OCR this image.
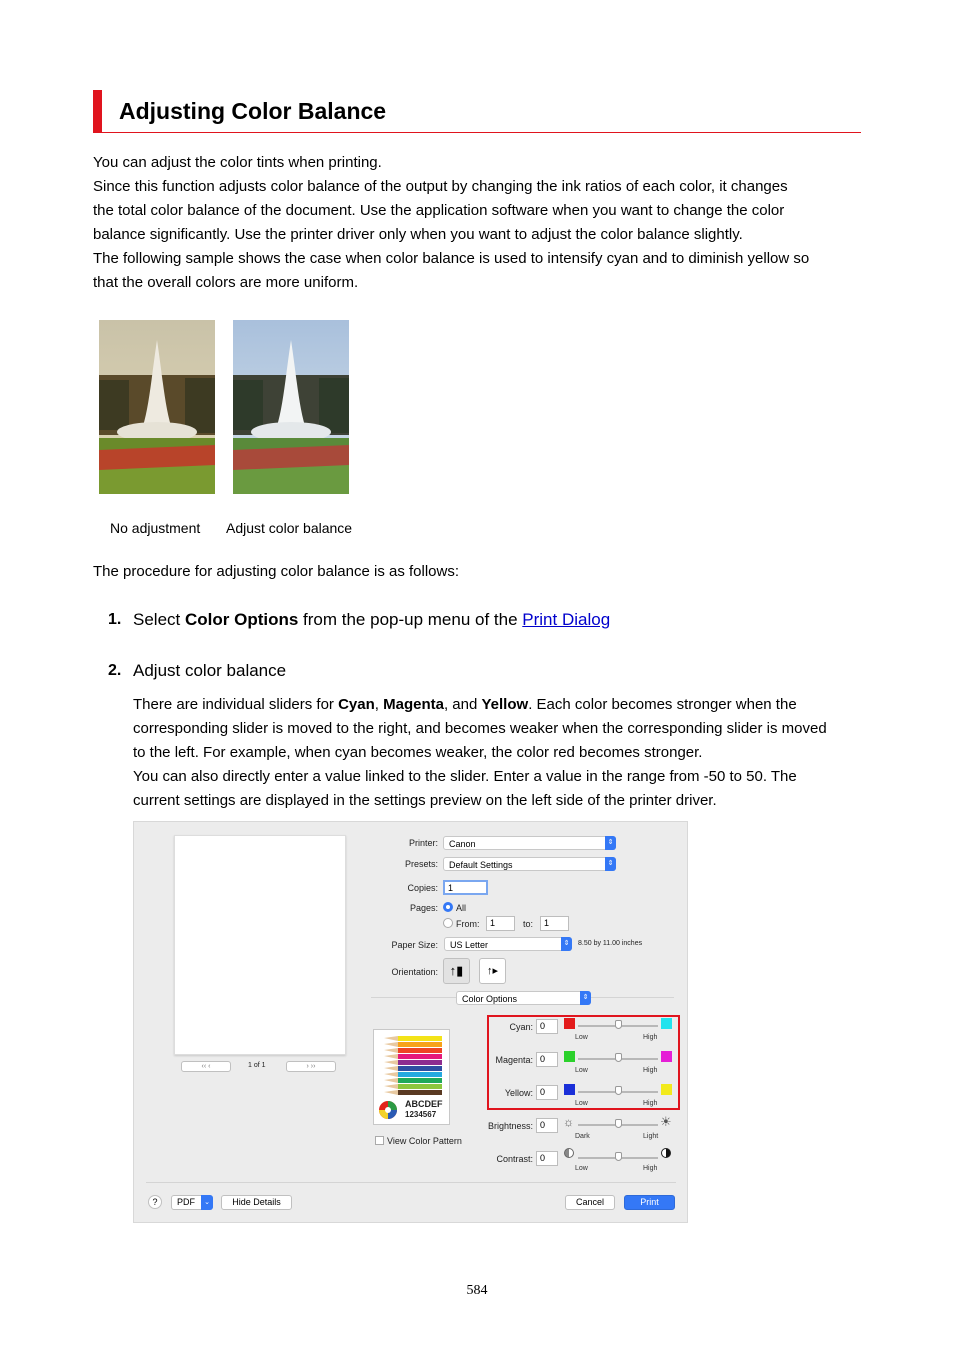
Adjusting Color Balance
You can adjust the color tints when printing.
Since this function adjusts color balance of the output by changing the ink ratios of each color, it changes
the total color balance of the document. Use the application software when you want to change the color
balance significantly. Use the printer driver only when you want to adjust the color balance slightly.
The following sample shows the case when color balance is used to intensify cyan and to diminish yellow so
that the overall colors are more uniform.
No adjustment Adjust color balance
The procedure for adjusting color balance is as follows:
1. Select Color Options from the pop-up menu of the Print Dialog
2. Adjust color balance
There are individual sliders for Cyan, Magenta, and Yellow. Each color becomes stronger when the
corresponding slider is moved to the right, and becomes weaker when the corresponding slider is moved
to the left. For example, when cyan becomes weaker, the color red becomes stronger.
You can also directly enter a value linked to the slider. Enter a value in the range from -50 to 50. The
current settings are displayed in the settings preview on the left side of the printer driver.
‹‹ ‹	1 of 1	› ››
Printer:	Canon	⇕
Presets:	Default Settings	⇕
Copies:	1
Pages: All
From:	1	to:	1
Paper Size:	US Letter	⇕	8.50 by 11.00 inches
Orientation: ↑▮	↑▸
Color Options	⇕
ABCDEF
1234567
View Color Pattern
Cyan: 0
Low	High
Magenta: 0
Low	High
Yellow: 0
Low	High
Brightness: 0	☼	☀
Dark	Light
Contrast: 0
Low	High
?	PDF	⌄	Hide Details	Cancel	Print
584
